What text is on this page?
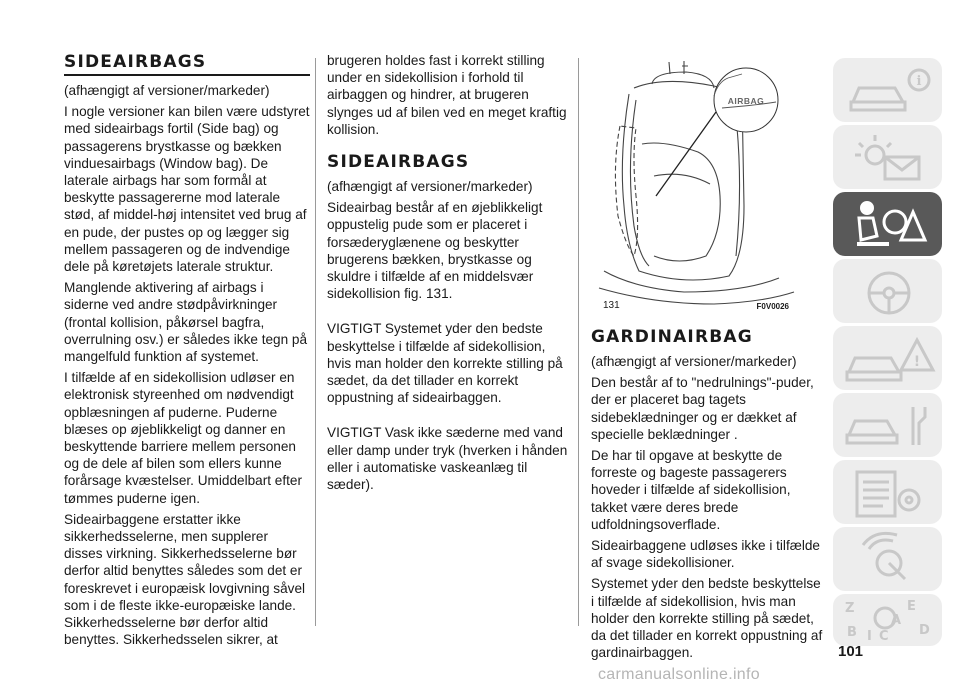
SIDEAIRBAGS

(afhængigt af versioner/markeder)

I nogle versioner kan bilen være udstyret med sideairbags fortil (Side bag) og passagerens brystkasse og bækken vinduesairbags (Window bag). De laterale airbags har som formål at beskytte passagererne mod laterale stød, af middel-høj intensitet ved brug af en pude, der pustes op og lægger sig mellem passageren og de indvendige dele på køretøjets laterale struktur.

Manglende aktivering af airbags i siderne ved andre stødpåvirkninger (frontal kollision, påkørsel bagfra, overrulning osv.) er således ikke tegn på mangelfuld funktion af systemet.

I tilfælde af en sidekollision udløser en elektronisk styreenhed om nødvendigt opblæsningen af puderne. Puderne blæses op øjeblikkeligt og danner en beskyttende barriere mellem personen og de dele af bilen som ellers kunne forårsage kvæstelser. Umiddelbart efter tømmes puderne igen.

Sideairbaggene erstatter ikke sikkerhedsselerne, men supplerer disses virkning. Sikkerhedsselerne bør derfor altid benyttes således som det er foreskrevet i europæisk lovgivning såvel som i de fleste ikke-europæiske lande. Sikkerhedsselerne bør derfor altid benyttes. Sikkerhedsselen sikrer, at

brugeren holdes fast i korrekt stilling under en sidekollision i forhold til airbaggen og hindrer, at brugeren slynges ud af bilen ved en meget kraftig kollision.

SIDEAIRBAGS

(afhængigt af versioner/markeder)

Sideairbag består af en øjeblikkeligt oppustelig pude som er placeret i forsæderyglænene og beskytter brugerens bækken, brystkasse og skuldre i tilfælde af en middelsvær sidekollision fig. 131.

VIGTIGT Systemet yder den bedste beskyttelse i tilfælde af sidekollision, hvis man holder den korrekte stilling på sædet, da det tillader en korrekt oppustning af sideairbaggen.

VIGTIGT Vask ikke sæderne med vand eller damp under tryk (hverken i hånden eller i automatiske vaskeanlæg til sæder).

AIRBAG
131	F0V0026
GARDINAIRBAG

(afhængigt af versioner/markeder)

Den består af to "nedrulnings"-puder, der er placeret bag tagets sidebeklædninger og er dækket af specielle beklædninger .

De har til opgave at beskytte de forreste og bageste passagerers hoveder i tilfælde af sidekollision, takket være deres brede udfoldningsoverflade.

Sideairbaggene udløses ikke i tilfælde af svage sidekollisioner.

Systemet yder den bedste beskyttelse i tilfælde af sidekollision, hvis man holder den korrekte stilling på sædet, da det tillader en korrekt oppustning af gardinairbaggen.

i
!
Z	E
B I C D
A
101
carmanualsonline.info
